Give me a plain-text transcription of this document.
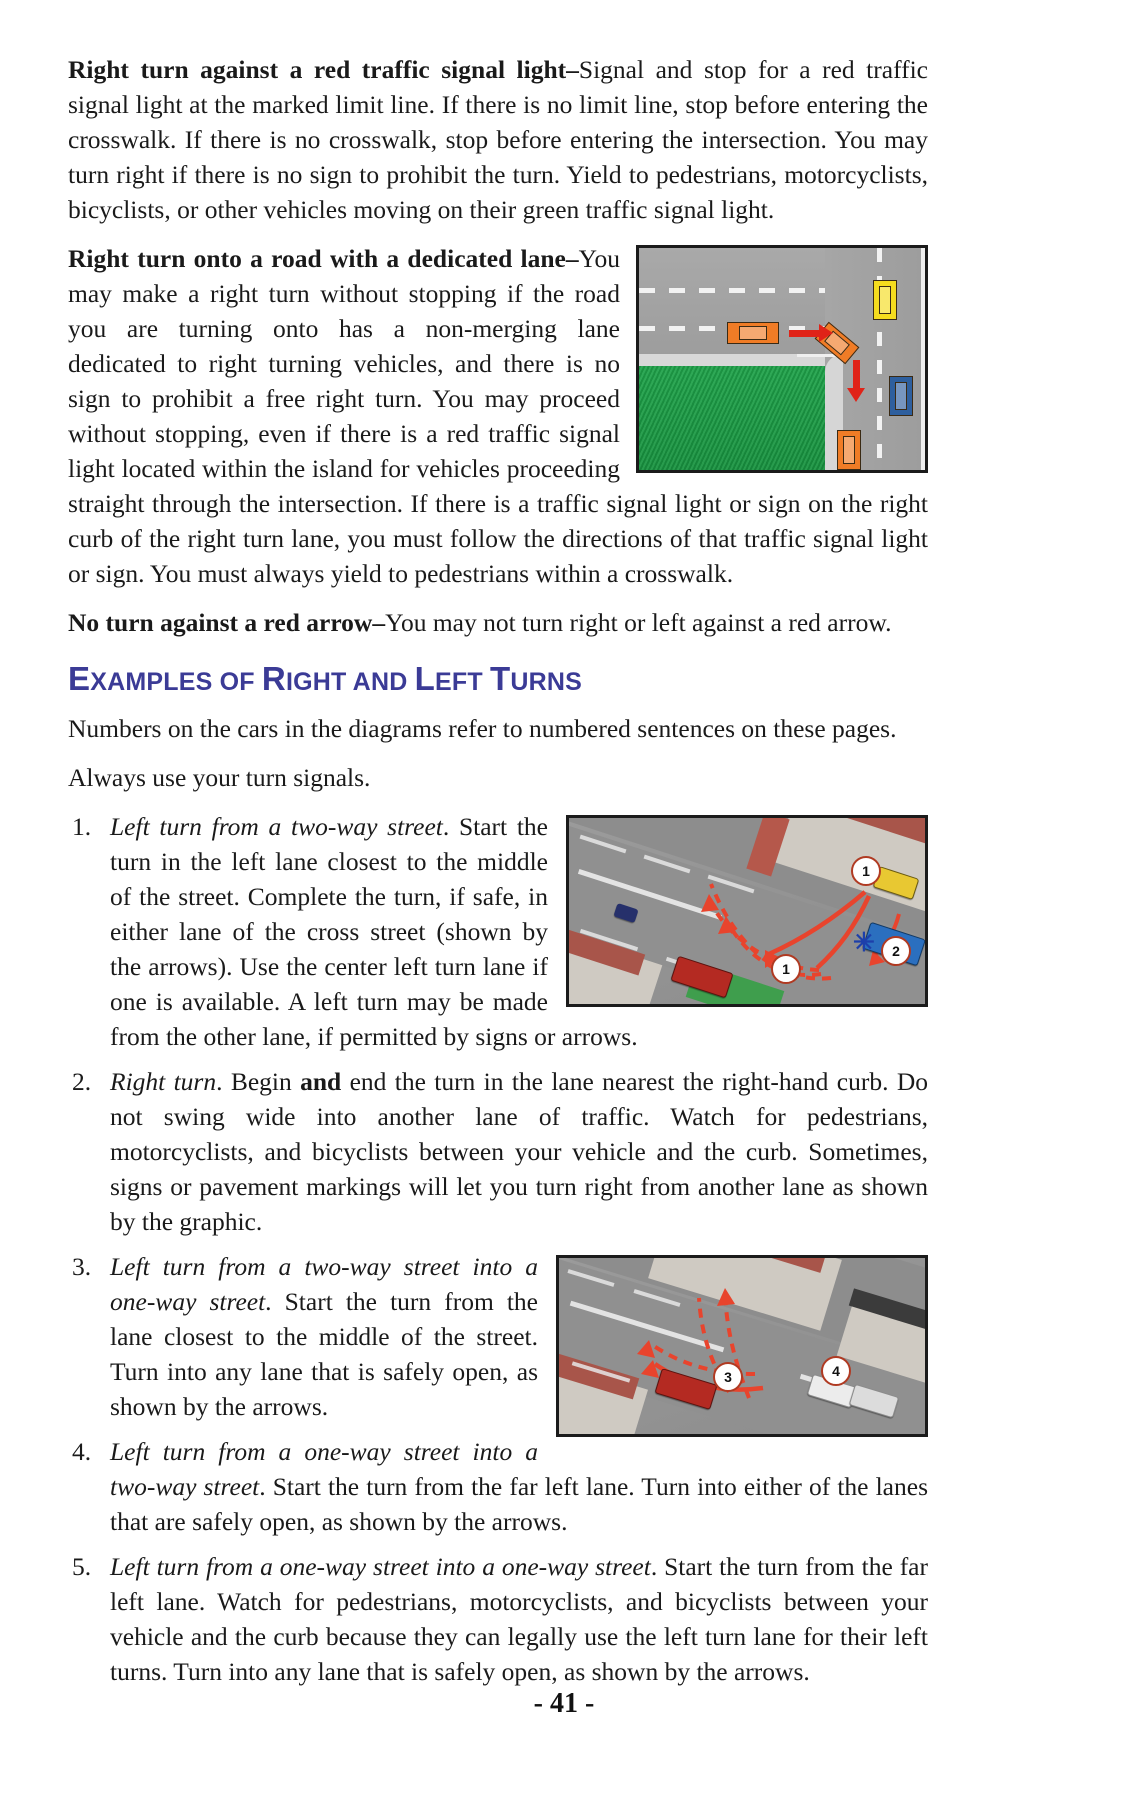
Right turn against a red traffic signal light–Signal and stop for a red traffic signal light at the marked limit line. If there is no limit line, stop before entering the crosswalk. If there is no crosswalk, stop before entering the intersection. You may turn right if there is no sign to prohibit the turn. Yield to pedestrians, motorcyclists, bicyclists, or other vehicles moving on their green traffic signal light.

Right turn onto a road with a dedicated lane–You may make a right turn without stopping if the road you are turning onto has a non-merging lane dedicated to right turning vehicles, and there is no sign to prohibit a free right turn. You may proceed without stopping, even if there is a red traffic signal light located within the island for vehicles proceeding straight through the intersection. If there is a traffic signal light or sign on the right curb of the right turn lane, you must follow the directions of that traffic signal light or sign. You must always yield to pedestrians within a crosswalk.

No turn against a red arrow–You may not turn right or left against a red arrow.

EXAMPLES OF RIGHT AND LEFT TURNS

Numbers on the cars in the diagrams refer to numbered sentences on these pages.

Always use your turn signals.

1
1
2
✳
1. Left turn from a two-way street. Start the turn in the left lane closest to the middle of the street. Complete the turn, if safe, in either lane of the cross street (shown by the arrows). Use the center left turn lane if one is available. A left turn may be made from the other lane, if permitted by signs or arrows.
2. Right turn. Begin and end the turn in the lane nearest the right-hand curb. Do not swing wide into another lane of traffic. Watch for pedestrians, motorcyclists, and bicyclists between your vehicle and the curb. Sometimes, signs or pavement markings will let you turn right from another lane as shown by the graphic.
3	4
3. Left turn from a two-way street into a one-way street. Start the turn from the lane closest to the middle of the street. Turn into any lane that is safely open, as shown by the arrows.
4. Left turn from a one-way street into a two-way street. Start the turn from the far left lane. Turn into either of the lanes that are safely open, as shown by the arrows.
5. Left turn from a one-way street into a one-way street. Start the turn from the far left lane. Watch for pedestrians, motorcyclists, and bicyclists between your vehicle and the curb because they can legally use the left turn lane for their left turns. Turn into any lane that is safely open, as shown by the arrows.
- 41 -
